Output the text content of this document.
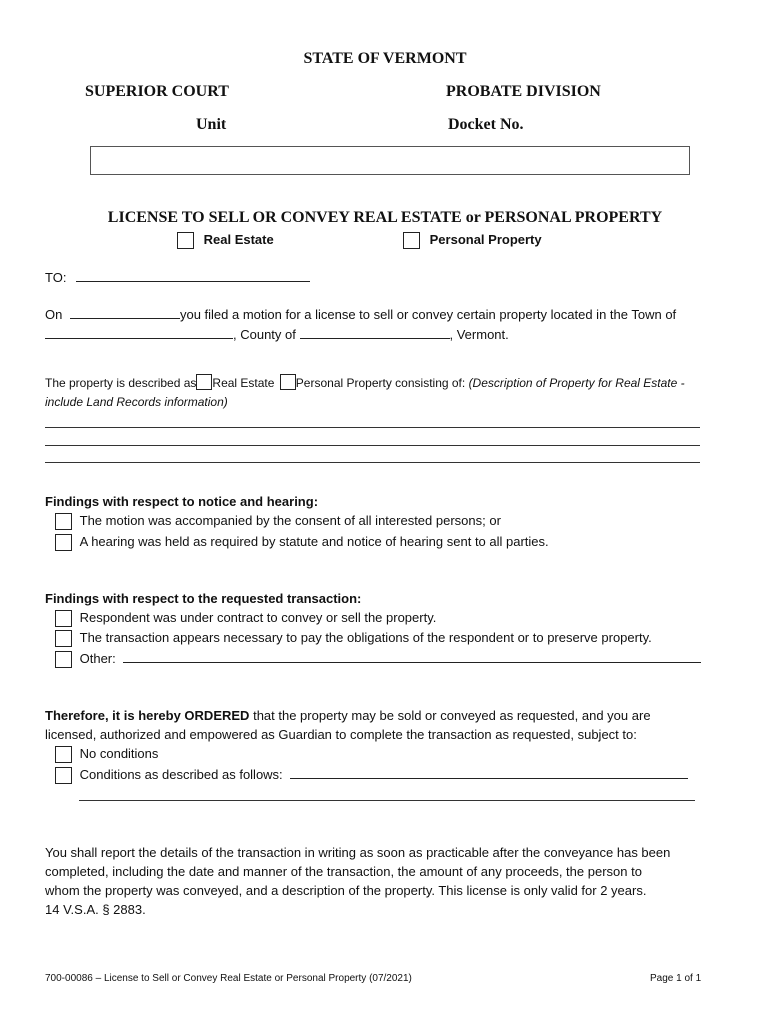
STATE OF VERMONT
SUPERIOR COURT	PROBATE DIVISION
Unit	Docket No.
LICENSE TO SELL OR CONVEY REAL ESTATE or PERSONAL PROPERTY
Real Estate	Personal Property
TO:
On	you filed a motion for a license to sell or convey certain property located in the Town of
, County of	, Vermont.
The property is described as Real Estate Personal Property consisting of: (Description of Property for Real Estate -
include Land Records information)
Findings with respect to notice and hearing:
The motion was accompanied by the consent of all interested persons; or
A hearing was held as required by statute and notice of hearing sent to all parties.
Findings with respect to the requested transaction:
Respondent was under contract to convey or sell the property.
The transaction appears necessary to pay the obligations of the respondent or to preserve property.
Other:
Therefore, it is hereby ORDERED that the property may be sold or conveyed as requested, and you are
licensed, authorized and empowered as Guardian to complete the transaction as requested, subject to:
No conditions
Conditions as described as follows:
You shall report the details of the transaction in writing as soon as practicable after the conveyance has been
completed, including the date and manner of the transaction, the amount of any proceeds, the person to
whom the property was conveyed, and a description of the property. This license is only valid for 2 years.
14 V.S.A. § 2883.
700-00086 – License to Sell or Convey Real Estate or Personal Property (07/2021)	Page 1 of 1
